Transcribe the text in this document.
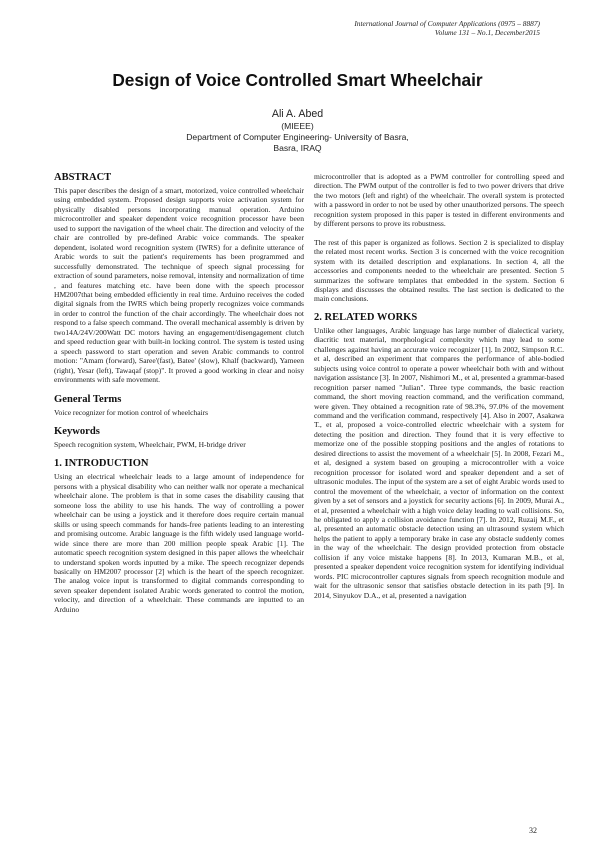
International Journal of Computer Applications (0975 – 8887)
Volume 131 – No.1, December2015
Design of Voice Controlled Smart Wheelchair
Ali A. Abed
(MIEEE)
Department of Computer Engineering- University of Basra,
Basra, IRAQ
ABSTRACT

This paper describes the design of a smart, motorized, voice controlled wheelchair using embedded system. Proposed design supports voice activation system for physically disabled persons incorporating manual operation. Arduino microcontroller and speaker dependent voice recognition processor have been used to support the navigation of the wheel chair. The direction and velocity of the chair are controlled by pre-defined Arabic voice commands. The speaker dependent, isolated word recognition system (IWRS) for a definite utterance of Arabic words to suit the patient's requirements has been programmed and successfully demonstrated. The technique of speech signal processing for extraction of sound parameters, noise removal, intensity and normalization of time , and features matching etc. have been done with the speech processor HM2007that being embedded efficiently in real time. Arduino receives the coded digital signals from the IWRS which being properly recognizes voice commands in order to control the function of the chair accordingly. The wheelchair does not respond to a false speech command. The overall mechanical assembly is driven by two14A/24V/200Watt DC motors having an engagement/disengagement clutch and speed reduction gear with built-in locking control. The system is tested using a speech password to start operation and seven Arabic commands to control motion: "Amam (forward), Saree'(fast), Batee' (slow), Khalf (backward), Yameen (right), Yesar (left), Tawaqaf (stop)". It proved a good working in clear and noisy environments with safe movement.

General Terms

Voice recognizer for motion control of wheelchairs

Keywords

Speech recognition system, Wheelchair, PWM, H-bridge driver

1. INTRODUCTION

Using an electrical wheelchair leads to a large amount of independence for persons with a physical disability who can neither walk nor operate a mechanical wheelchair alone. The problem is that in some cases the disability causing that someone loss the ability to use his hands. The way of controlling a power wheelchair can be using a joystick and it therefore does require certain manual skills or using speech commands for hands-free patients leading to an interesting and promising outcome. Arabic language is the fifth widely used language world-wide since there are more than 200 million people speak Arabic [1]. The automatic speech recognition system designed in this paper allows the wheelchair to understand spoken words inputted by a mike. The speech recognizer depends basically on HM2007 processor [2] which is the heart of the speech recognizer. The analog voice input is transformed to digital commands corresponding to seven speaker dependent isolated Arabic words generated to control the motion, velocity, and direction of a wheelchair. These commands are inputted to an Arduino

microcontroller that is adopted as a PWM controller for controlling speed and direction. The PWM output of the controller is fed to two power drivers that drive the two motors (left and right) of the wheelchair. The overall system is protected with a password in order to not be used by other unauthorized persons. The speech recognition system proposed in this paper is tested in different environments and by different persons to prove its robustness.

The rest of this paper is organized as follows. Section 2 is specialized to display the related most recent works. Section 3 is concerned with the voice recognition system with its detailed description and explanations. In section 4, all the accessories and components needed to the wheelchair are presented. Section 5 summarizes the software templates that embedded in the system. Section 6 displays and discusses the obtained results. The last section is dedicated to the main conclusions.

2. RELATED WORKS

Unlike other languages, Arabic language has large number of dialectical variety, diacritic text material, morphological complexity which may lead to some challenges against having an accurate voice recognizer [1]. In 2002, Simpson R.C. et al, described an experiment that compares the performance of able-bodied subjects using voice control to operate a power wheelchair both with and without navigation assistance [3]. In 2007, Nishimori M., et al, presented a grammar-based recognition parser named "Julian". Three type commands, the basic reaction command, the short moving reaction command, and the verification command, were given. They obtained a recognition rate of 98.3%, 97.0% of the movement command and the verification command, respectively [4]. Also in 2007, Asakawa T., et al, proposed a voice-controlled electric wheelchair with a system for detecting the position and direction. They found that it is very effective to memorize one of the possible stopping positions and the angles of rotations to desired directions to assist the movement of a wheelchair [5]. In 2008, Fezari M., et al, designed a system based on grouping a microcontroller with a voice recognition processor for isolated word and speaker dependent and a set of ultrasonic modules. The input of the system are a set of eight Arabic words used to control the movement of the wheelchair, a vector of information on the context given by a set of sensors and a joystick for security actions [6]. In 2009, Murai A., et al, presented a wheelchair with a high voice delay leading to wall collisions. So, he obligated to apply a collision avoidance function [7]. In 2012, Ruzaij M.F., et al, presented an automatic obstacle detection using an ultrasound system which helps the patient to apply a temporary brake in case any obstacle suddenly comes in the way of the wheelchair. The design provided protection from obstacle collision if any voice mistake happens [8]. In 2013, Kumaran M.B., et al, presented a speaker dependent voice recognition system for identifying individual words. PIC microcontroller captures signals from speech recognition module and wait for the ultrasonic sensor that satisfies obstacle detection in its path [9]. In 2014, Sinyukov D.A., et al, presented a navigation

32
